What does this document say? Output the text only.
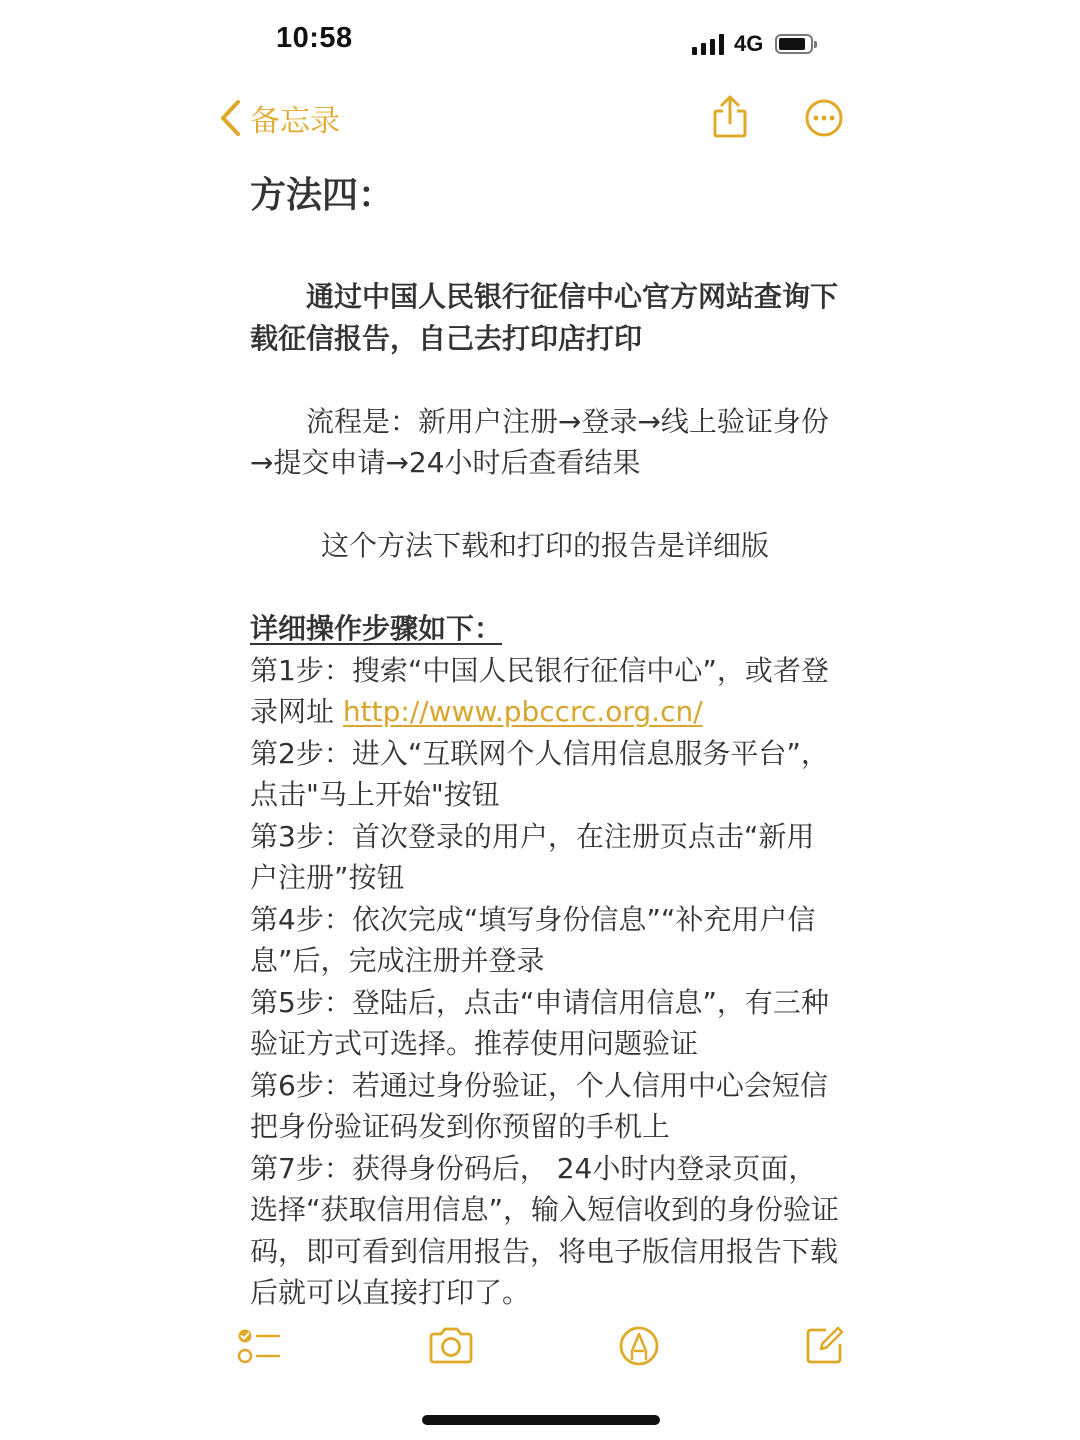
10:58	4G
备忘录

方法四：

通过中国人民银行征信中心官方网站查询下载征信报告，自己去打印店打印

流程是：新用户注册→登录→线上验证身份→提交申请→24小时后查看结果

这个方法下载和打印的报告是详细版

详细操作步骤如下：

第1步：搜索“中国人民银行征信中心”，或者登录网址 http://www.pbccrc.org.cn/

第2步：进入“互联网个人信用信息服务平台”，点击"马上开始"按钮

第3步：首次登录的用户，在注册页点击“新用户注册”按钮

第4步：依次完成“填写身份信息”“补充用户信息”后，完成注册并登录

第5步：登陆后，点击“申请信用信息”，有三种验证方式可选择。推荐使用问题验证

第6步：若通过身份验证，个人信用中心会短信把身份验证码发到你预留的手机上

第7步：获得身份码后， 24小时内登录页面，选择“获取信用信息”，输入短信收到的身份验证码，即可看到信用报告，将电子版信用报告下载后就可以直接打印了。
